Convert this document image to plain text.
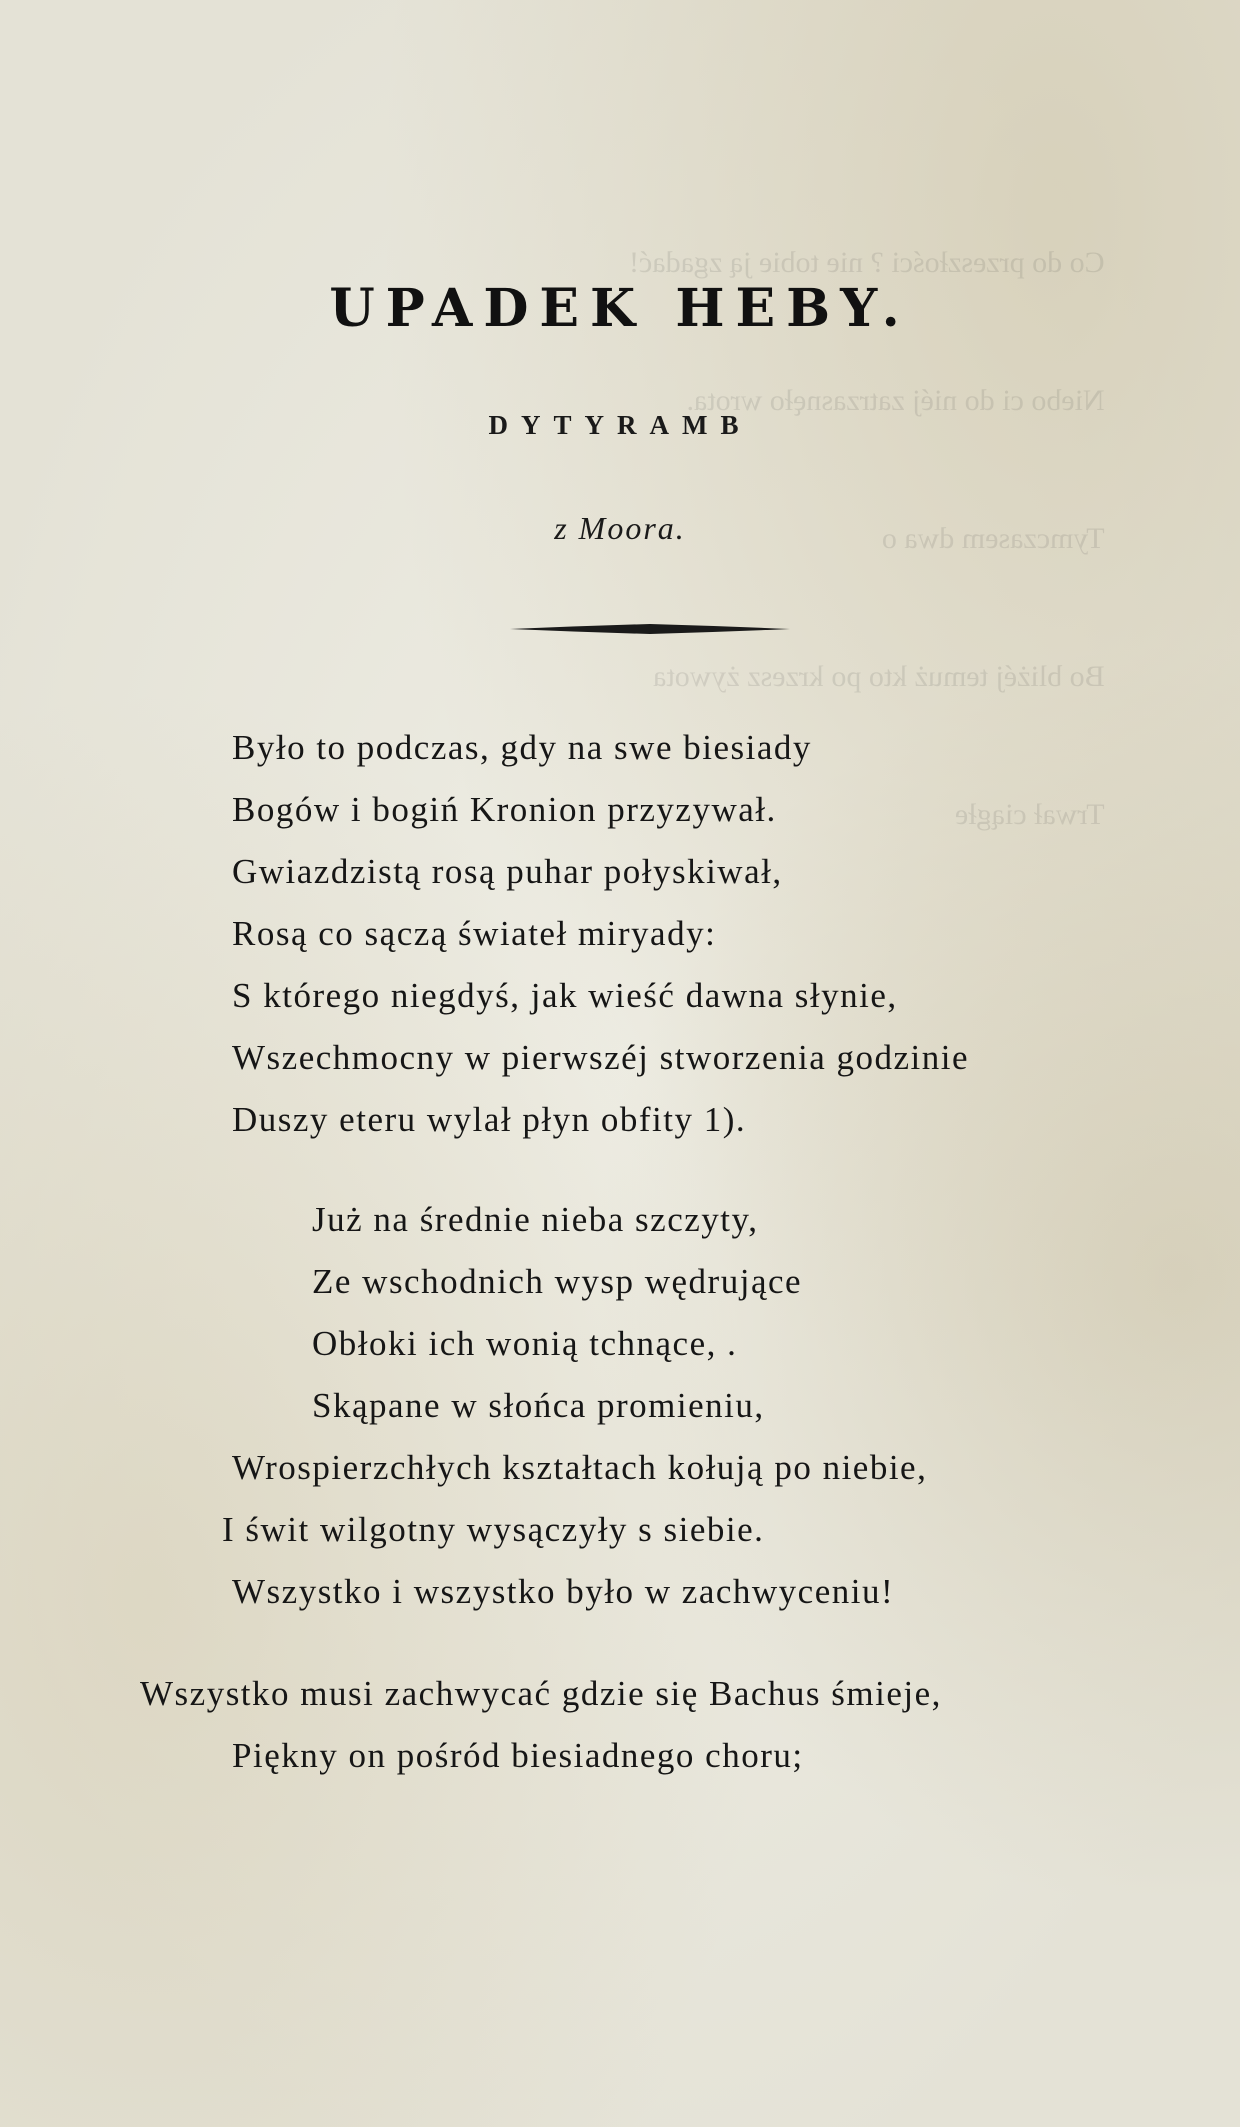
Co do przeszłości ? nie tobie ją zgadać!

Niebo ci do niéj zatrzasnęło wrota.

Tymczasem dwa o

Bo bliżéj temuż kto po krzesz żywota

Trwał ciągłe

UPADEK HEBY.
DYTYRAMB
z Moora.
Było to podczas, gdy na swe biesiady
Bogów i bogiń Kronion przyzywał.
Gwiazdzistą rosą puhar połyskiwał,
Rosą co sączą świateł miryady:
S którego niegdyś, jak wieść dawna słynie,
Wszechmocny w pierwszéj stworzenia godzinie
Duszy eteru wylał płyn obfity 1).
Już na średnie nieba szczyty,
Ze wschodnich wysp wędrujące
Obłoki ich wonią tchnące, .
Skąpane w słońca promieniu,
Wrospierzchłych kształtach kołują po niebie,
I świt wilgotny wysączyły s siebie.
Wszystko i wszystko było w zachwyceniu!
Wszystko musi zachwycać gdzie się Bachus śmieje,
Piękny on pośród biesiadnego choru;
